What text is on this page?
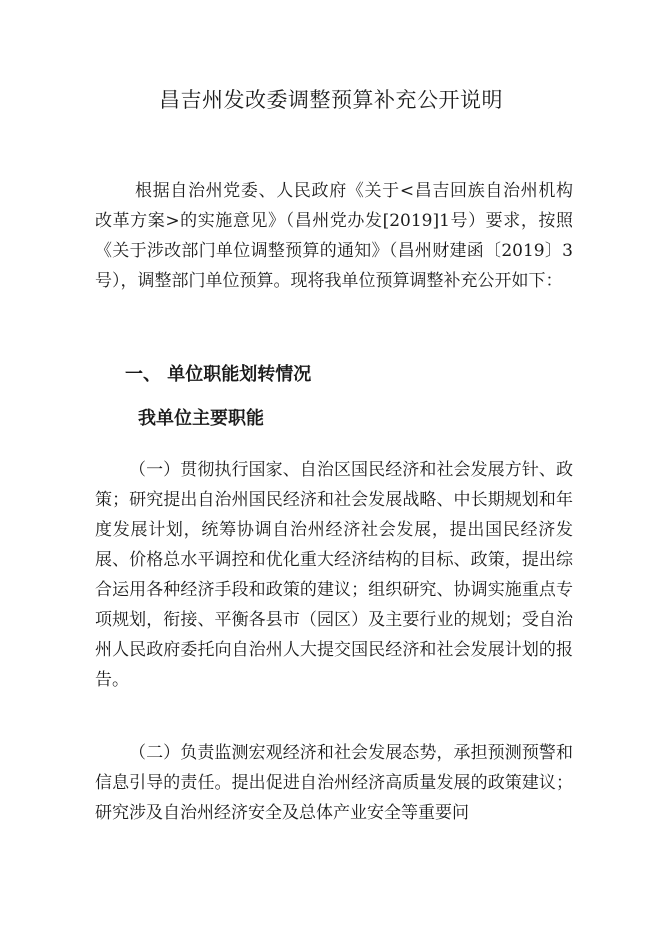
昌吉州发改委调整预算补充公开说明

根据自治州党委、人民政府《关于<昌吉回族自治州机构改革方案>的实施意见》（昌州党办发[2019]1号）要求，按照《关于涉改部门单位调整预算的通知》（昌州财建函〔2019〕3号），调整部门单位预算。现将我单位预算调整补充公开如下：

一、 单位职能划转情况
我单位主要职能

（一）贯彻执行国家、自治区国民经济和社会发展方针、政策；研究提出自治州国民经济和社会发展战略、中长期规划和年度发展计划，统筹协调自治州经济社会发展，提出国民经济发展、价格总水平调控和优化重大经济结构的目标、政策，提出综合运用各种经济手段和政策的建议；组织研究、协调实施重点专项规划，衔接、平衡各县市（园区）及主要行业的规划；受自治州人民政府委托向自治州人大提交国民经济和社会发展计划的报告。

（二）负责监测宏观经济和社会发展态势，承担预测预警和信息引导的责任。提出促进自治州经济高质量发展的政策建议；研究涉及自治州经济安全及总体产业安全等重要问
